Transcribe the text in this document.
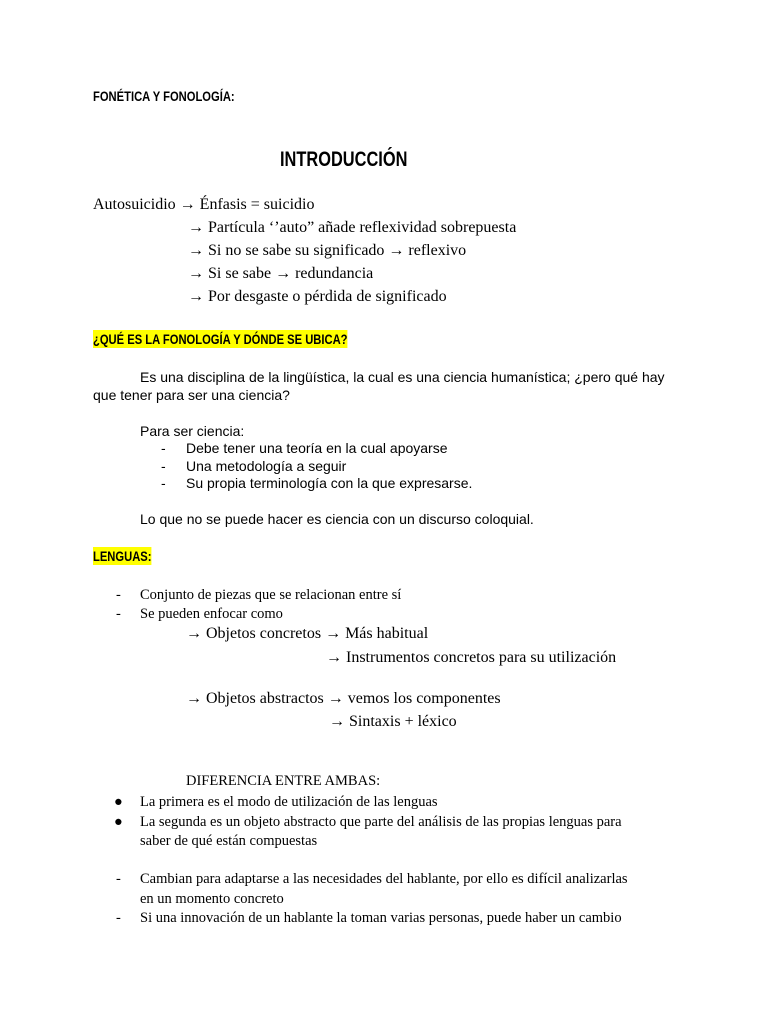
FONÉTICA Y FONOLOGÍA:
INTRODUCCIÓN
Autosuicidio → Énfasis = suicidio
→ Partícula ‘’auto” añade reflexividad sobrepuesta
→ Si no se sabe su significado → reflexivo
→ Si se sabe → redundancia
→ Por desgaste o pérdida de significado
¿QUÉ ES LA FONOLOGÍA Y DÓNDE SE UBICA?
Es una disciplina de la lingüística, la cual es una ciencia humanística; ¿pero qué hay
que tener para ser una ciencia?
Para ser ciencia:
- Debe tener una teoría en la cual apoyarse
- Una metodología a seguir
- Su propia terminología con la que expresarse.
Lo que no se puede hacer es ciencia con un discurso coloquial.
LENGUAS:
- Conjunto de piezas que se relacionan entre sí
- Se pueden enfocar como
→ Objetos concretos → Más habitual
→ Instrumentos concretos para su utilización
→ Objetos abstractos → vemos los componentes
→ Sintaxis + léxico
DIFERENCIA ENTRE AMBAS:
● La primera es el modo de utilización de las lenguas
● La segunda es un objeto abstracto que parte del análisis de las propias lenguas para
saber de qué están compuestas
- Cambian para adaptarse a las necesidades del hablante, por ello es difícil analizarlas
en un momento concreto
- Si una innovación de un hablante la toman varias personas, puede haber un cambio
